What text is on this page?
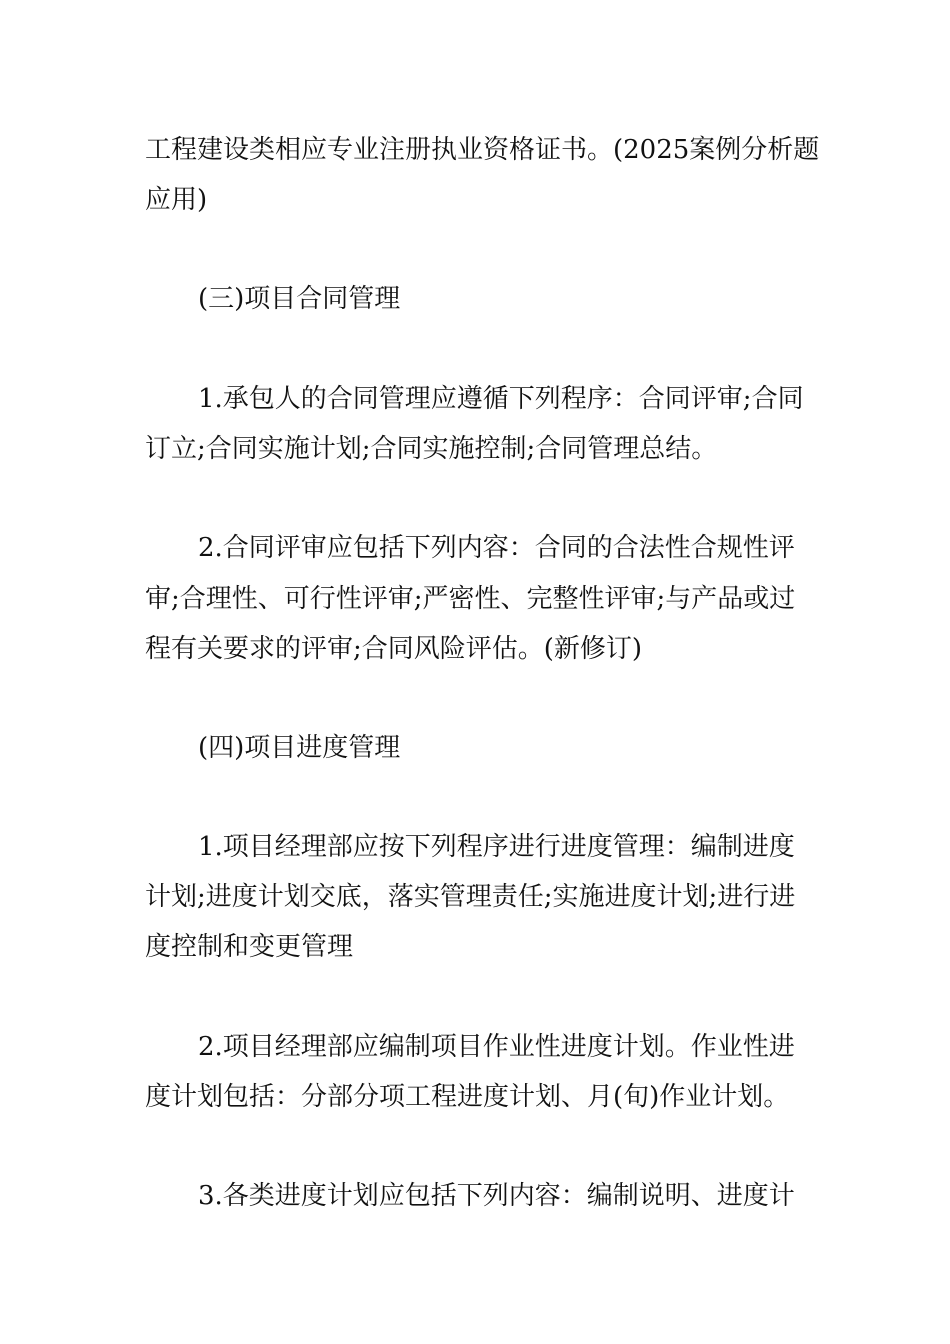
工程建设类相应专业注册执业资格证书。(2025案例分析题
应用)
(三)项目合同管理
1.承包人的合同管理应遵循下列程序：合同评审;合同
订立;合同实施计划;合同实施控制;合同管理总结。
2.合同评审应包括下列内容：合同的合法性合规性评
审;合理性、可行性评审;严密性、完整性评审;与产品或过
程有关要求的评审;合同风险评估。(新修订)
(四)项目进度管理
1.项目经理部应按下列程序进行进度管理：编制进度
计划;进度计划交底，落实管理责任;实施进度计划;进行进
度控制和变更管理
2.项目经理部应编制项目作业性进度计划。作业性进
度计划包括：分部分项工程进度计划、月(旬)作业计划。
3.各类进度计划应包括下列内容：编制说明、进度计
